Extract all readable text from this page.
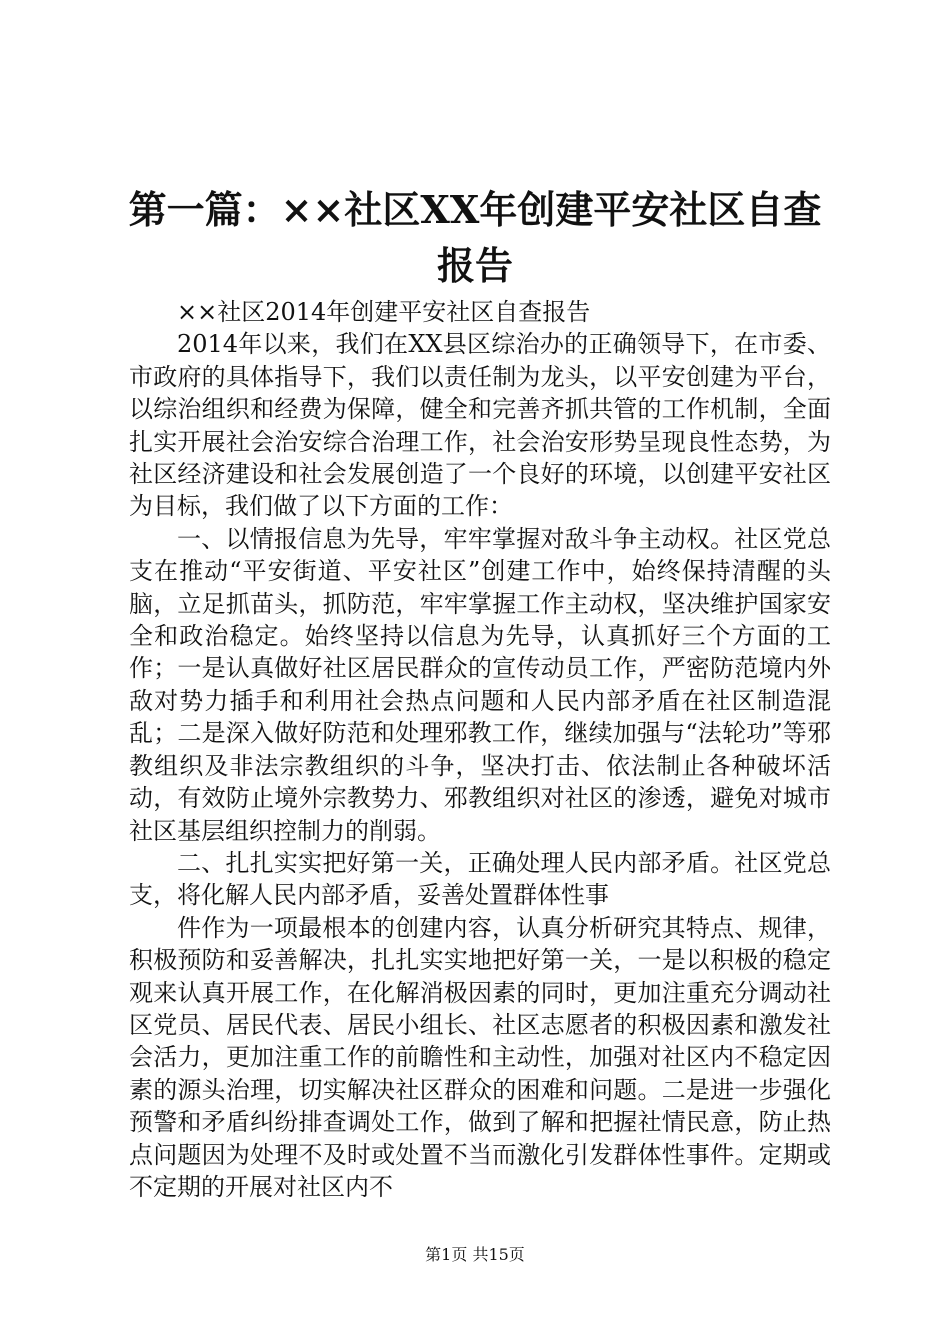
第一篇：××社区XX年创建平安社区自查报告

××社区2014年创建平安社区自查报告

2014年以来，我们在XX县区综治办的正确领导下，在市委、市政府的具体指导下，我们以责任制为龙头，以平安创建为平台，以综治组织和经费为保障，健全和完善齐抓共管的工作机制，全面扎实开展社会治安综合治理工作，社会治安形势呈现良性态势，为社区经济建设和社会发展创造了一个良好的环境，以创建平安社区为目标，我们做了以下方面的工作：

一、以情报信息为先导，牢牢掌握对敌斗争主动权。社区党总支在推动“平安街道、平安社区”创建工作中，始终保持清醒的头脑，立足抓苗头，抓防范，牢牢掌握工作主动权，坚决维护国家安全和政治稳定。始终坚持以信息为先导，认真抓好三个方面的工作；一是认真做好社区居民群众的宣传动员工作，严密防范境内外敌对势力插手和利用社会热点问题和人民内部矛盾在社区制造混乱；二是深入做好防范和处理邪教工作，继续加强与“法轮功”等邪教组织及非法宗教组织的斗争，坚决打击、依法制止各种破坏活动，有效防止境外宗教势力、邪教组织对社区的渗透，避免对城市社区基层组织控制力的削弱。

二、扎扎实实把好第一关，正确处理人民内部矛盾。社区党总支，将化解人民内部矛盾，妥善处置群体性事

件作为一项最根本的创建内容，认真分析研究其特点、规律，积极预防和妥善解决，扎扎实实地把好第一关，一是以积极的稳定观来认真开展工作，在化解消极因素的同时，更加注重充分调动社区党员、居民代表、居民小组长、社区志愿者的积极因素和激发社会活力，更加注重工作的前瞻性和主动性，加强对社区内不稳定因素的源头治理，切实解决社区群众的困难和问题。二是进一步强化预警和矛盾纠纷排查调处工作，做到了解和把握社情民意，防止热点问题因为处理不及时或处置不当而激化引发群体性事件。定期或不定期的开展对社区内不

第1页 共15页
